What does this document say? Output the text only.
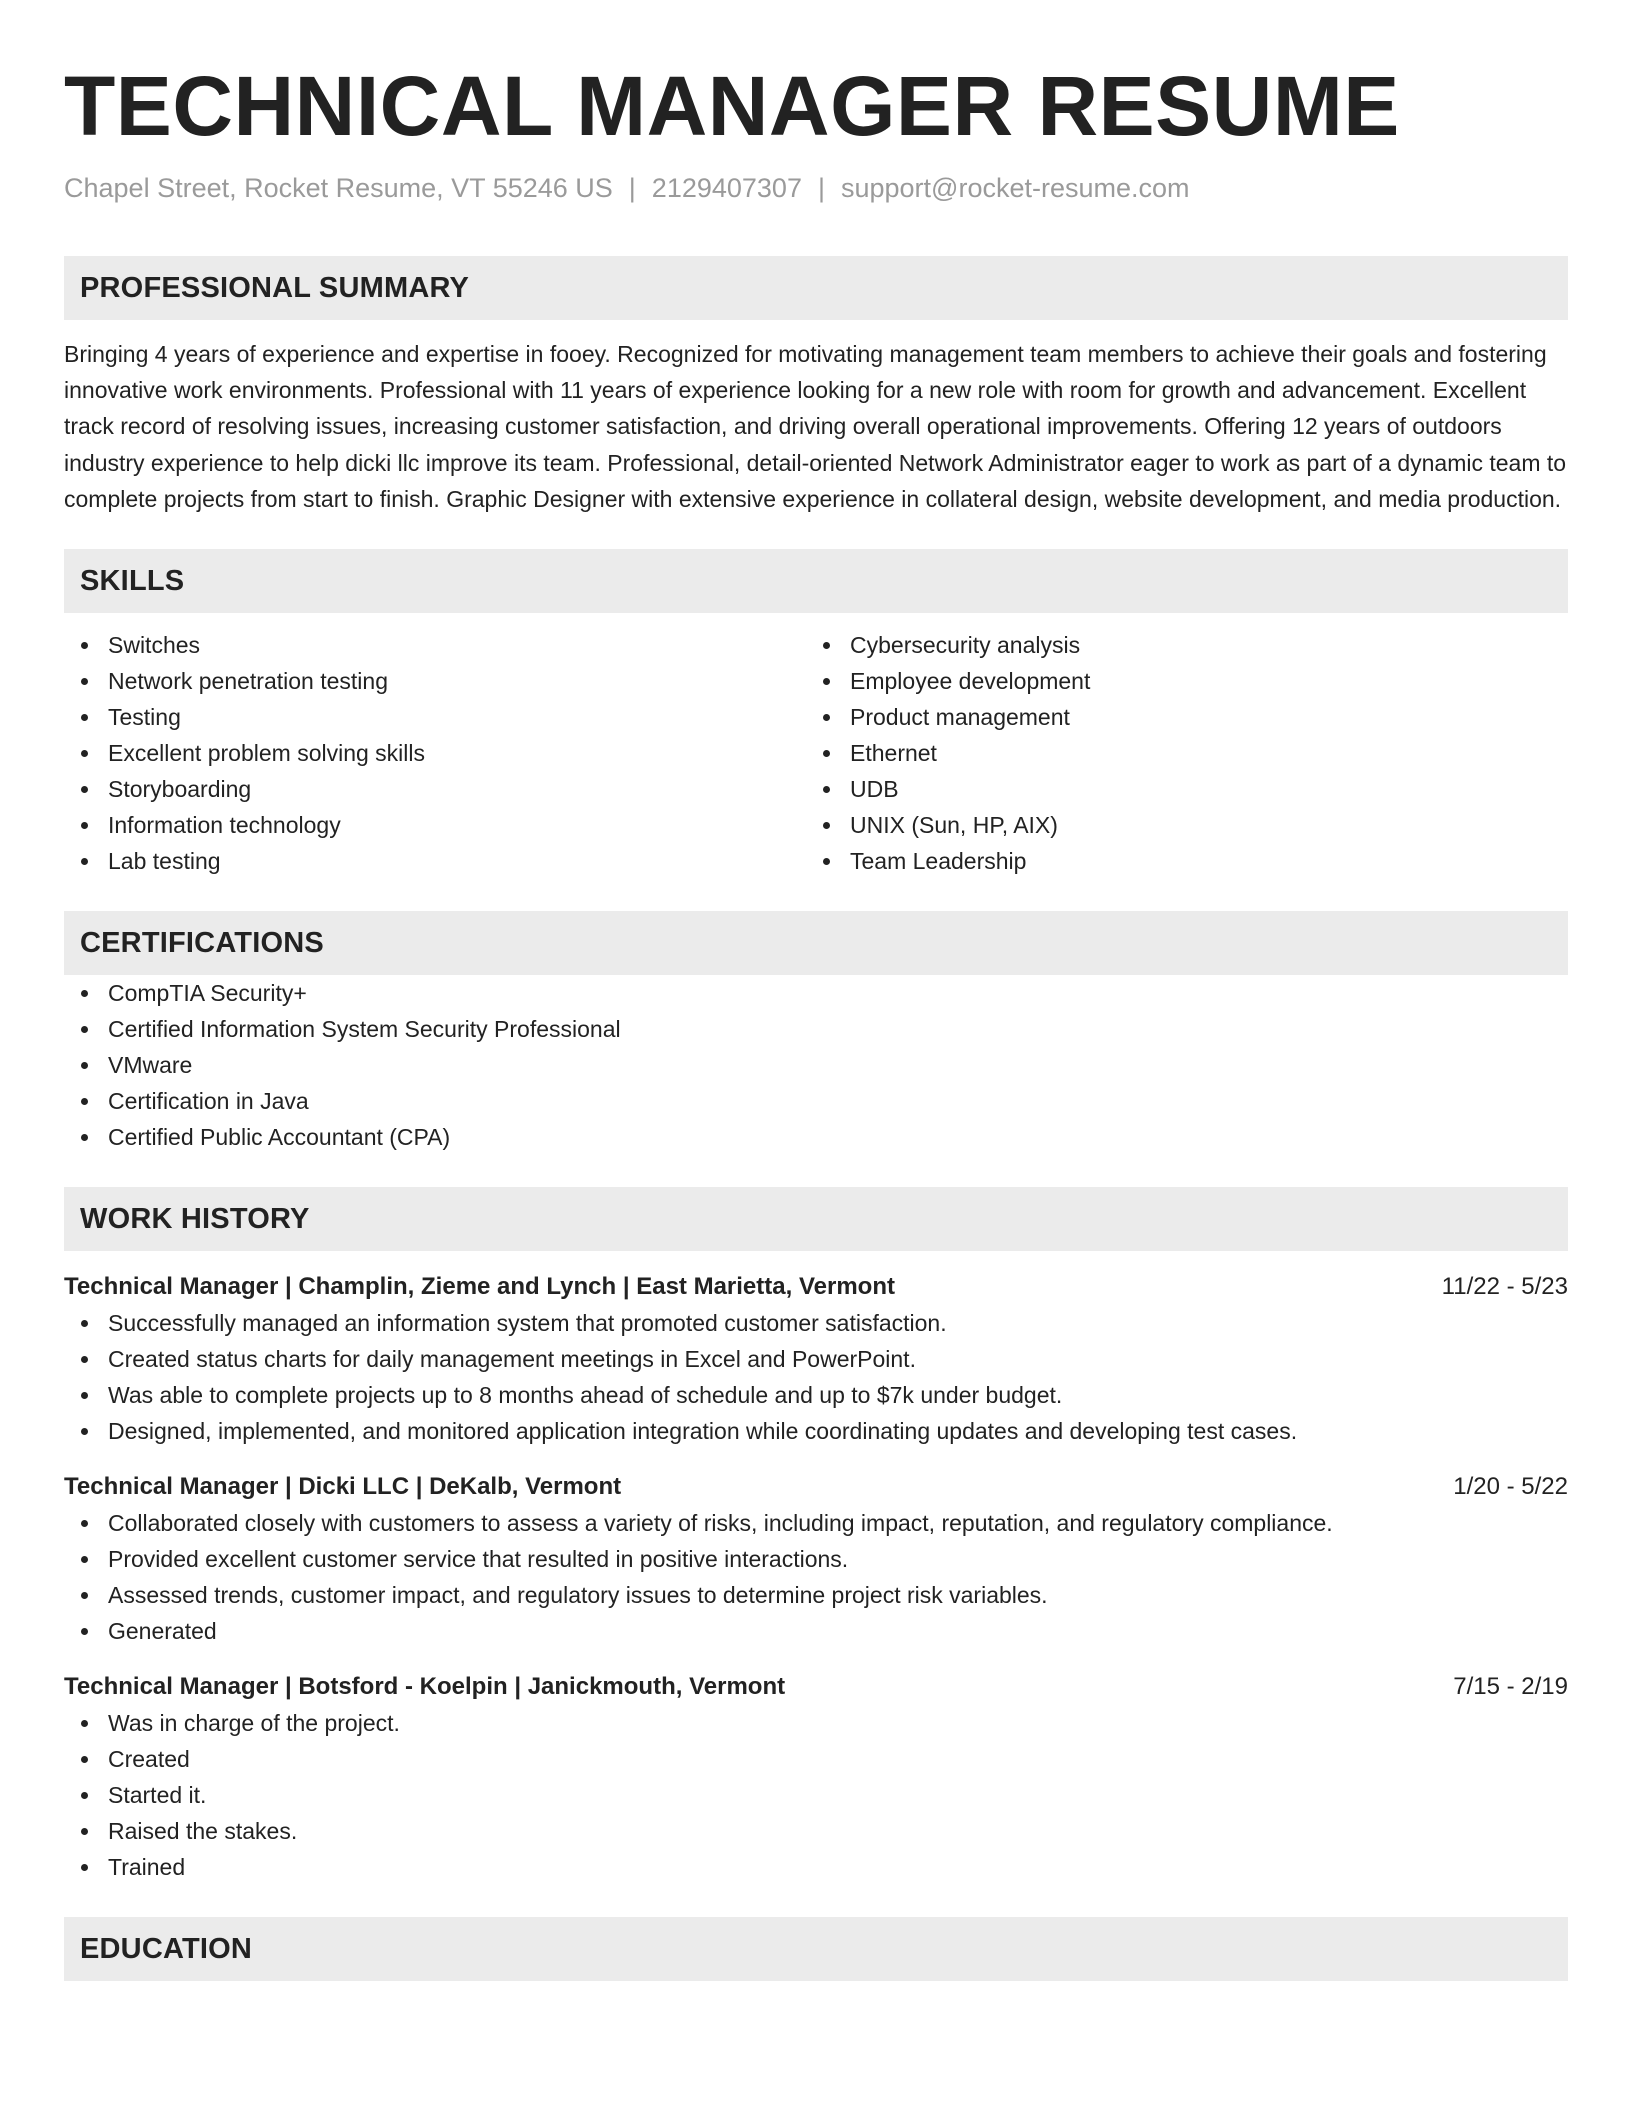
TECHNICAL MANAGER RESUME
Chapel Street, Rocket Resume, VT 55246 US | 2129407307 | support@rocket-resume.com
PROFESSIONAL SUMMARY

Bringing 4 years of experience and expertise in fooey. Recognized for motivating management team members to achieve their goals and fostering innovative work environments. Professional with 11 years of experience looking for a new role with room for growth and advancement. Excellent track record of resolving issues, increasing customer satisfaction, and driving overall operational improvements. Offering 12 years of outdoors industry experience to help dicki llc improve its team. Professional, detail-oriented Network Administrator eager to work as part of a dynamic team to complete projects from start to finish. Graphic Designer with extensive experience in collateral design, website development, and media production.

SKILLS
Switches
Network penetration testing
Testing
Excellent problem solving skills
Storyboarding
Information technology
Lab testing
Cybersecurity analysis
Employee development
Product management
Ethernet
UDB
UNIX (Sun, HP, AIX)
Team Leadership
CERTIFICATIONS
CompTIA Security+
Certified Information System Security Professional
VMware
Certification in Java
Certified Public Accountant (CPA)
WORK HISTORY
Technical Manager | Champlin, Zieme and Lynch | East Marietta, Vermont	11/22 - 5/23
Successfully managed an information system that promoted customer satisfaction.
Created status charts for daily management meetings in Excel and PowerPoint.
Was able to complete projects up to 8 months ahead of schedule and up to $7k under budget.
Designed, implemented, and monitored application integration while coordinating updates and developing test cases.
Technical Manager | Dicki LLC | DeKalb, Vermont	1/20 - 5/22
Collaborated closely with customers to assess a variety of risks, including impact, reputation, and regulatory compliance.
Provided excellent customer service that resulted in positive interactions.
Assessed trends, customer impact, and regulatory issues to determine project risk variables.
Generated
Technical Manager | Botsford - Koelpin | Janickmouth, Vermont	7/15 - 2/19
Was in charge of the project.
Created
Started it.
Raised the stakes.
Trained
EDUCATION
